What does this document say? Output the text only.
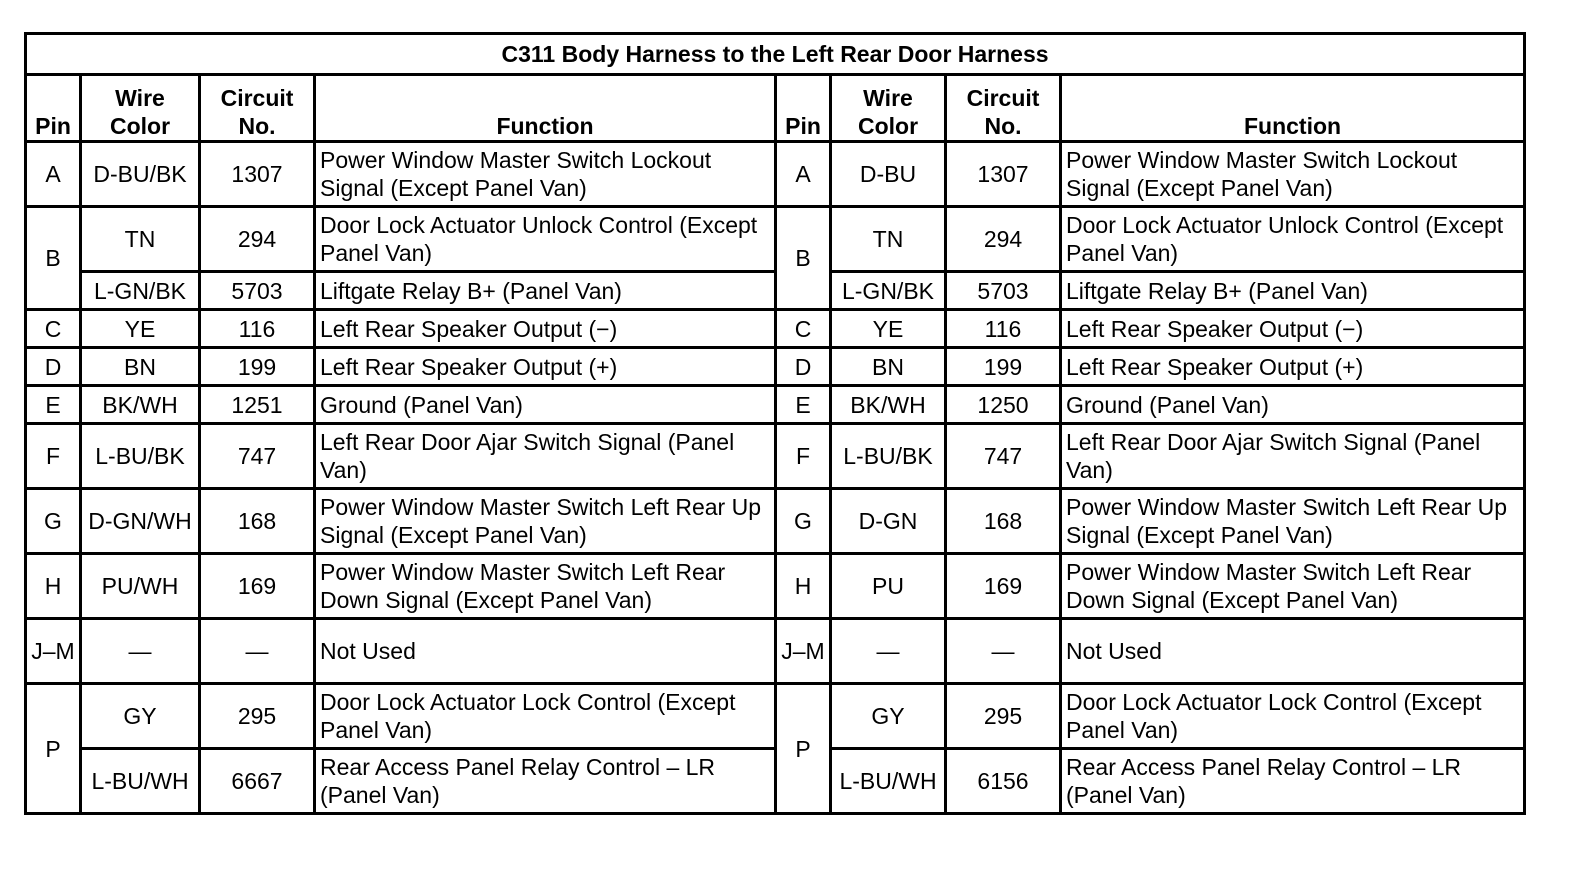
C311 Body Harness to the Left Rear Door Harness							
Pin	Wire Color	Circuit No.	Function	Pin	Wire Color	Circuit No.	Function
A	D-BU/BK	1307	Power Window Master Switch Lockout Signal (Except Panel Van)	A	D-BU	1307	Power Window Master Switch Lockout Signal (Except Panel Van)
B	TN	294	Door Lock Actuator Unlock Control (Except Panel Van)	B	TN	294	Door Lock Actuator Unlock Control (Except Panel Van)
	L-GN/BK	5703	Liftgate Relay B+ (Panel Van)		L-GN/BK	5703	Liftgate Relay B+ (Panel Van)
C	YE	116	Left Rear Speaker Output (−)	C	YE	116	Left Rear Speaker Output (−)
D	BN	199	Left Rear Speaker Output (+)	D	BN	199	Left Rear Speaker Output (+)
E	BK/WH	1251	Ground (Panel Van)	E	BK/WH	1250	Ground (Panel Van)
F	L-BU/BK	747	Left Rear Door Ajar Switch Signal (Panel Van)	F	L-BU/BK	747	Left Rear Door Ajar Switch Signal (Panel Van)
G	D-GN/WH	168	Power Window Master Switch Left Rear Up Signal (Except Panel Van)	G	D-GN	168	Power Window Master Switch Left Rear Up Signal (Except Panel Van)
H	PU/WH	169	Power Window Master Switch Left Rear Down Signal (Except Panel Van)	H	PU	169	Power Window Master Switch Left Rear Down Signal (Except Panel Van)
J–M	—	—	Not Used	J–M	—	—	Not Used
P	GY	295	Door Lock Actuator Lock Control (Except Panel Van)	P	GY	295	Door Lock Actuator Lock Control (Except Panel Van)
	L-BU/WH	6667	Rear Access Panel Relay Control – LR (Panel Van)		L-BU/WH	6156	Rear Access Panel Relay Control – LR (Panel Van)
